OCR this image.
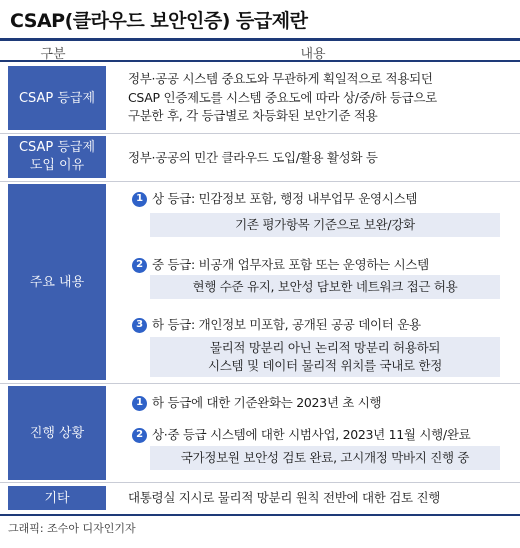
CSAP(클라우드 보안인증) 등급제란
구분	내용
CSAP 등급제
정부·공공 시스템 중요도와 무관하게 획일적으로 적용되던
CSAP 인증제도를 시스템 중요도에 따라 상/중/하 등급으로
구분한 후, 각 등급별로 차등화된 보안기준 적용
CSAP 등급제
도입 이유
정부·공공의 민간 클라우드 도입/활용 활성화 등
주요 내용
1 상 등급: 민감정보 포함, 행정 내부업무 운영시스템
기존 평가항목 기준으로 보완/강화
2 중 등급: 비공개 업무자료 포함 또는 운영하는 시스템
현행 수준 유지, 보안성 담보한 네트워크 접근 허용
3 하 등급: 개인정보 미포함, 공개된 공공 데이터 운용
물리적 망분리 아닌 논리적 망분리 허용하되
시스템 및 데이터 물리적 위치를 국내로 한정
진행 상황
1 하 등급에 대한 기준완화는 2023년 초 시행
2 상·중 등급 시스템에 대한 시범사업, 2023년 11월 시행/완료
국가정보원 보안성 검토 완료, 고시개정 막바지 진행 중
기타	대통령실 지시로 물리적 망분리 원칙 전반에 대한 검토 진행
그래픽: 조수아 디자인기자
